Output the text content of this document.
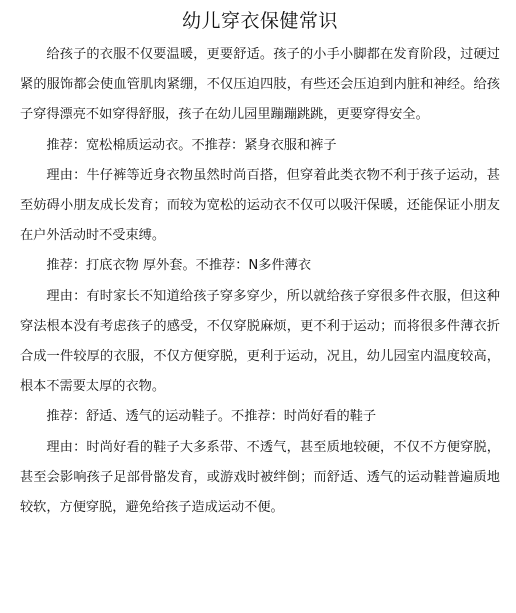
幼儿穿衣保健常识

给孩子的衣服不仅要温暖，更要舒适。孩子的小手小脚都在发育阶段，过硬过紧的服饰都会使血管肌肉紧绷，不仅压迫四肢，有些还会压迫到内脏和神经。给孩子穿得漂亮不如穿得舒服，孩子在幼儿园里蹦蹦跳跳，更要穿得安全。

推荐：宽松棉质运动衣。不推荐：紧身衣服和裤子

理由：牛仔裤等近身衣物虽然时尚百搭，但穿着此类衣物不利于孩子运动，甚至妨碍小朋友成长发育；而较为宽松的运动衣不仅可以吸汗保暖，还能保证小朋友在户外活动时不受束缚。

推荐：打底衣物 厚外套。不推荐：N多件薄衣

理由：有时家长不知道给孩子穿多穿少，所以就给孩子穿很多件衣服，但这种穿法根本没有考虑孩子的感受，不仅穿脱麻烦，更不利于运动；而将很多件薄衣折合成一件较厚的衣服，不仅方便穿脱，更利于运动，况且，幼儿园室内温度较高，根本不需要太厚的衣物。

推荐：舒适、透气的运动鞋子。不推荐：时尚好看的鞋子

理由：时尚好看的鞋子大多系带、不透气，甚至质地较硬，不仅不方便穿脱，甚至会影响孩子足部骨骼发育，或游戏时被绊倒；而舒适、透气的运动鞋普遍质地较软，方便穿脱，避免给孩子造成运动不便。
